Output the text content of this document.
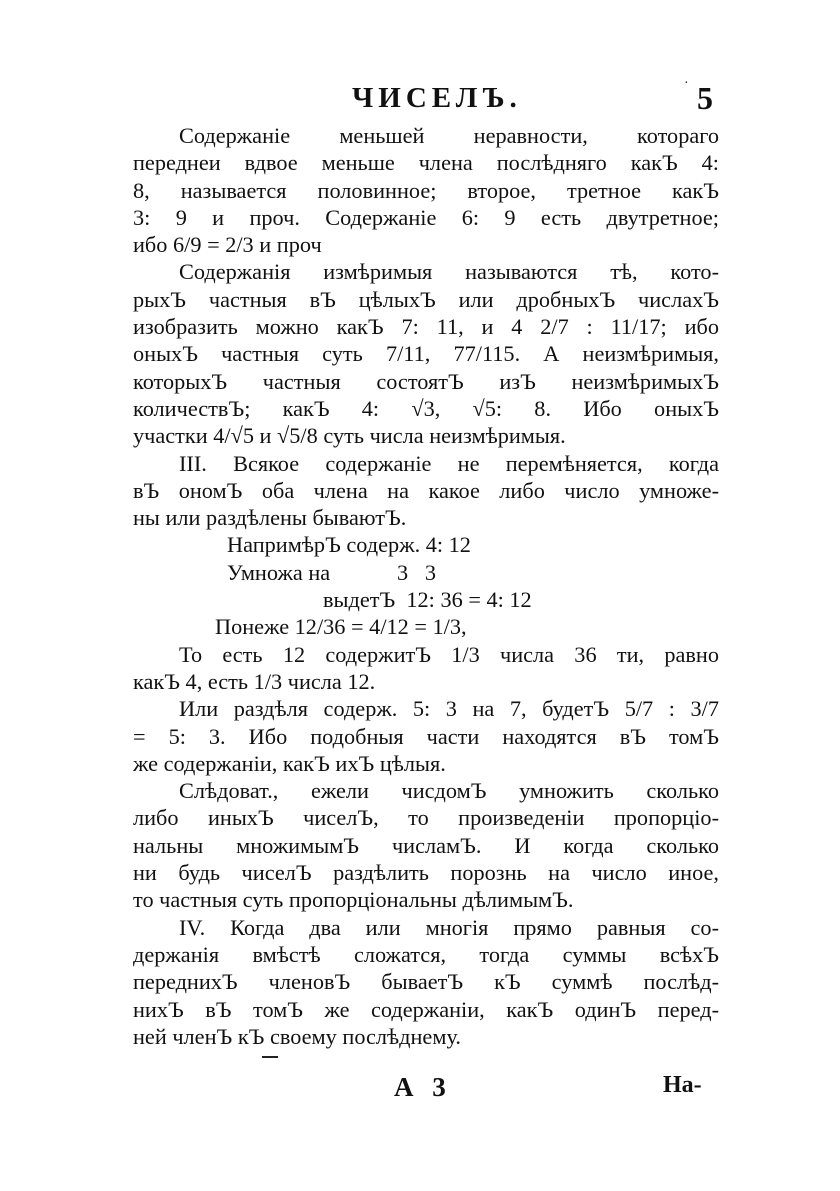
ЧИСЕЛЪ.	· 5

Содержаніе меньшей неравности, котораго
переднеи вдвое меньше члена послѣдняго какЪ 4:
8, называется половинное; второе, третное какЪ
3: 9 и проч. Содержаніе 6: 9 есть двутретное;
ибо 6/9 = 2/3 и проч

Содержанія измѣримыя называются тѣ, кото-
рыхЪ частныя вЪ цѣлыхЪ или дробныхЪ числахЪ
изобразить можно какЪ 7: 11, и 4 2/7 : 11/17; ибо
оныхЪ частныя суть 7/11, 77/115. А неизмѣримыя,
которыхЪ частныя состоятЪ изЪ неизмѣримыхЪ
количествЪ; какЪ 4: √3, √5: 8. Ибо оныхЪ
участки 4/√5 и √5/8 суть числа неизмѣримыя.

III. Всякое содержаніе не перемѣняется, когда
вЪ ономЪ оба члена на какое либо число умноже-
ны или раздѣлены бываютЪ.

НапримѣрЪ содерж. 4: 12
Умножа на            3   3
выдетЪ  12: 36 = 4: 12
Понеже 12/36 = 4/12 = 1/3,

То есть 12 содержитЪ 1/3 числа 36 ти, равно
какЪ 4, есть 1/3 числа 12.

Или раздѣля содерж. 5: 3 на 7, будетЪ 5/7 : 3/7
= 5: 3. Ибо подобныя части находятся вЪ томЪ
же содержаніи, какЪ ихЪ цѣлыя.

Слѣдоват., ежели чисдомЪ умножить сколько
либо иныхЪ чиселЪ, то произведеніи пропорціо-
нальны множимымЪ числамЪ. И когда сколько
ни будь чиселЪ раздѣлить порознь на число иное,
то частныя суть пропорціональны дѣлимымЪ.

IV. Когда два или многія прямо равныя со-
держанія вмѣстѣ сложатся, тогда суммы всѣхЪ
переднихЪ членовЪ бываетЪ кЪ суммѣ послѣд-
нихЪ вЪ томЪ же содержаніи, какЪ одинЪ перед-
ней членЪ кЪ своему послѣднему.

А 3	На-
